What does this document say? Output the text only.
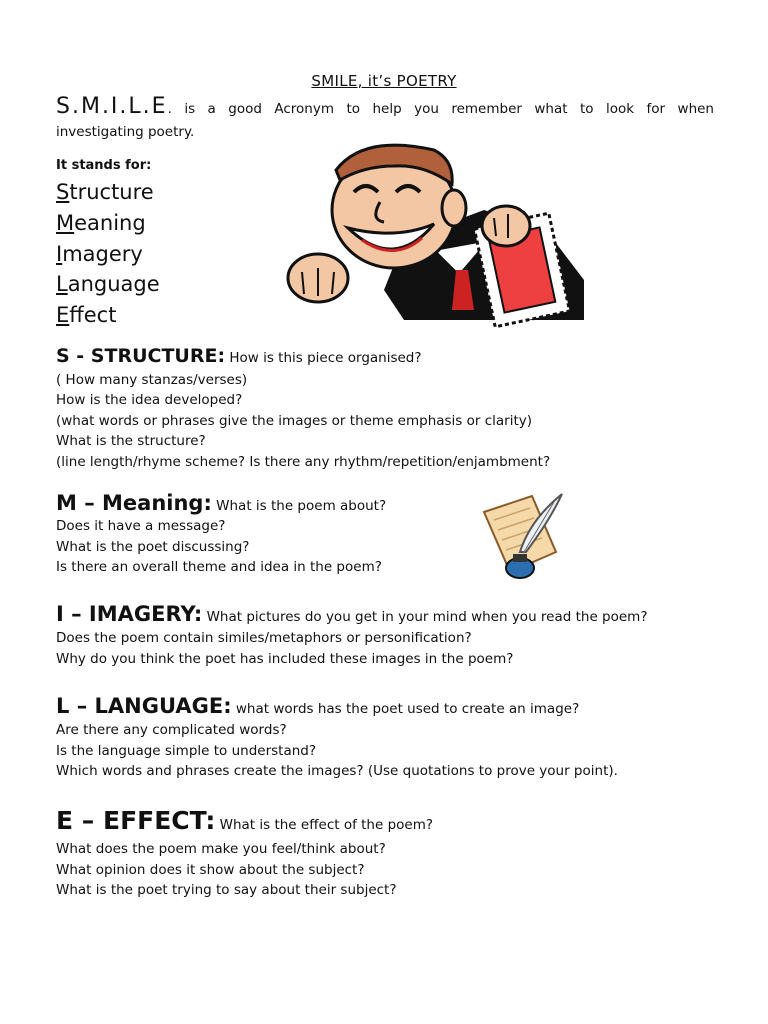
SMILE, it’s POETRY

S.M.I.L.E. is a good Acronym to help you remember what to look for when

investigating poetry.

It stands for:

Structure

Meaning

Imagery

Language

Effect

S - STRUCTURE: How is this piece organised?

( How many stanzas/verses)

How is the idea developed?

(what words or phrases give the images or theme emphasis or clarity)

What is the structure?

(line length/rhyme scheme? Is there any rhythm/repetition/enjambment?

M – Meaning: What is the poem about?

Does it have a message?

What is the poet discussing?

Is there an overall theme and idea in the poem?

I – IMAGERY: What pictures do you get in your mind when you read the poem?

Does the poem contain similes/metaphors or personification?

Why do you think the poet has included these images in the poem?

L – LANGUAGE: what words has the poet used to create an image?

Are there any complicated words?

Is the language simple to understand?

Which words and phrases create the images? (Use quotations to prove your point).

E – EFFECT: What is the effect of the poem?

What does the poem make you feel/think about?

What opinion does it show about the subject?

What is the poet trying to say about their subject?
